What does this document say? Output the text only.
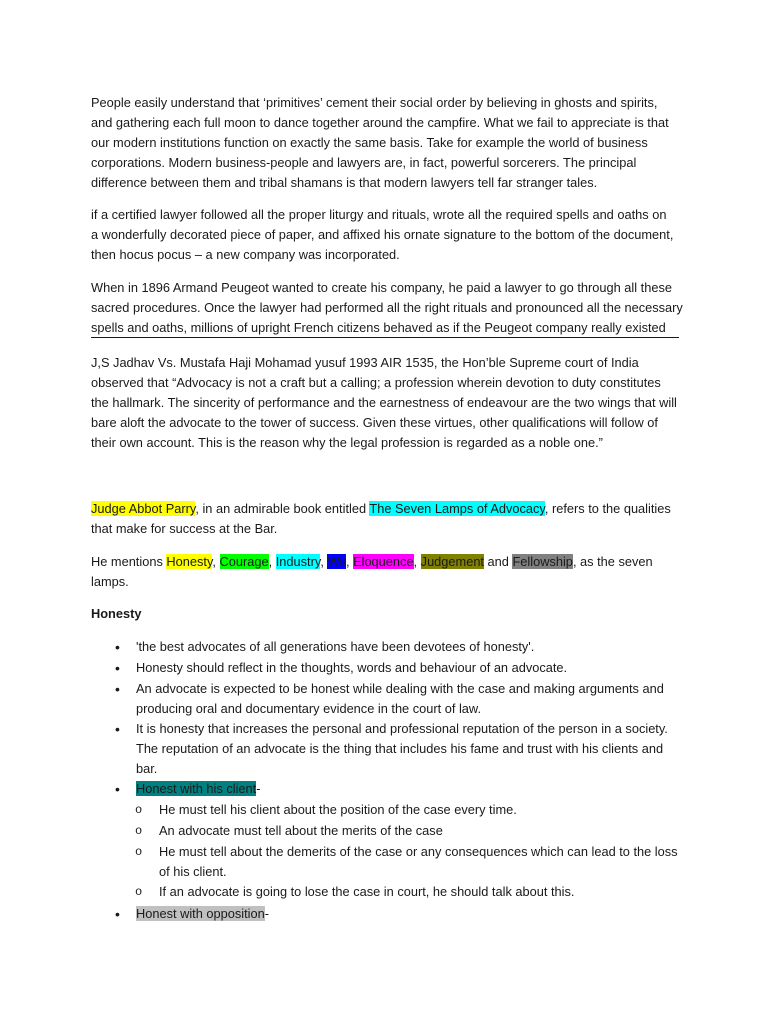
People easily understand that ‘primitives’ cement their social order by believing in ghosts and spirits,
and gathering each full moon to dance together around the campfire. What we fail to appreciate is that
our modern institutions function on exactly the same basis. Take for example the world of business
corporations. Modern business-people and lawyers are, in fact, powerful sorcerers. The principal
difference between them and tribal shamans is that modern lawyers tell far stranger tales.

if a certified lawyer followed all the proper liturgy and rituals, wrote all the required spells and oaths on
a wonderfully decorated piece of paper, and affixed his ornate signature to the bottom of the document,
then hocus pocus – a new company was incorporated.

When in 1896 Armand Peugeot wanted to create his company, he paid a lawyer to go through all these
sacred procedures. Once the lawyer had performed all the right rituals and pronounced all the necessary
spells and oaths, millions of upright French citizens behaved as if the Peugeot company really existed

J,S Jadhav Vs. Mustafa Haji Mohamad yusuf 1993 AIR 1535, the Hon’ble Supreme court of India
observed that “Advocacy is not a craft but a calling; a profession wherein devotion to duty constitutes
the hallmark. The sincerity of performance and the earnestness of endeavour are the two wings that will
bare aloft the advocate to the tower of success. Given these virtues, other qualifications will follow of
their own account. This is the reason why the legal profession is regarded as a noble one.”

Judge Abbot Parry, in an admirable book entitled The Seven Lamps of Advocacy, refers to the qualities
that make for success at the Bar.

He mentions Honesty, Courage, Industry, Wit, Eloquence, Judgement and Fellowship, as the seven
lamps.

Honesty
• 'the best advocates of all generations have been devotees of honesty'.
• Honesty should reflect in the thoughts, words and behaviour of an advocate.
• An advocate is expected to be honest while dealing with the case and making arguments and
producing oral and documentary evidence in the court of law.
• It is honesty that increases the personal and professional reputation of the person in a society.
The reputation of an advocate is the thing that includes his fame and trust with his clients and
bar.
• Honest with his client-
o He must tell his client about the position of the case every time.
o An advocate must tell about the merits of the case
o He must tell about the demerits of the case or any consequences which can lead to the loss
of his client.
o If an advocate is going to lose the case in court, he should talk about this.
• Honest with opposition-
